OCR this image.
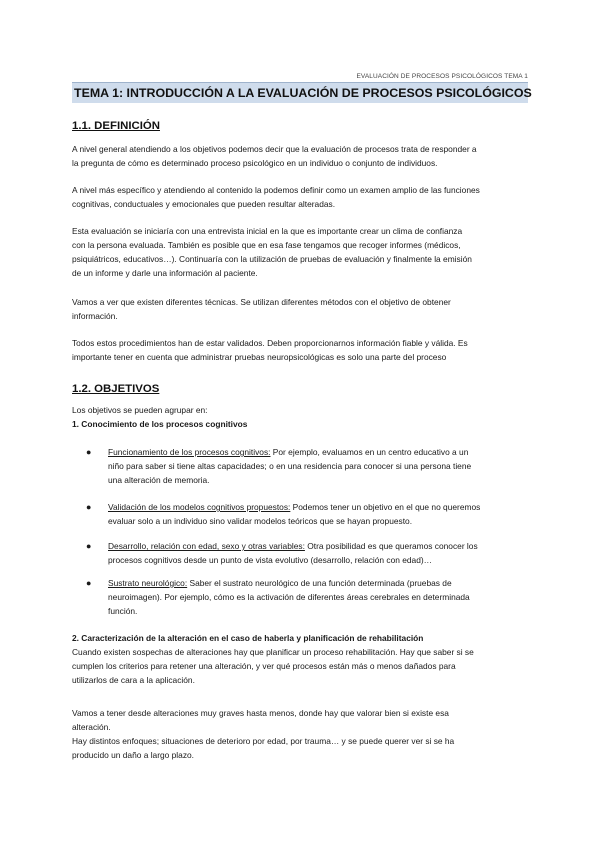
EVALUACIÓN DE PROCESOS PSICOLÓGICOS TEMA 1
TEMA 1: INTRODUCCIÓN A LA EVALUACIÓN DE PROCESOS PSICOLÓGICOS
1.1. DEFINICIÓN
A nivel general atendiendo a los objetivos podemos decir que la evaluación de procesos trata de responder a
la pregunta de cómo es determinado proceso psicológico en un individuo o conjunto de individuos.
A nivel más específico y atendiendo al contenido la podemos definir como un examen amplio de las funciones
cognitivas, conductuales y emocionales que pueden resultar alteradas.
Esta evaluación se iniciaría con una entrevista inicial en la que es importante crear un clima de confianza
con la persona evaluada. También es posible que en esa fase tengamos que recoger informes (médicos,
psiquiátricos, educativos…). Continuaría con la utilización de pruebas de evaluación y finalmente la emisión
de un informe y darle una información al paciente.
Vamos a ver que existen diferentes técnicas. Se utilizan diferentes métodos con el objetivo de obtener
información.
Todos estos procedimientos han de estar validados. Deben proporcionarnos información fiable y válida. Es
importante tener en cuenta que administrar pruebas neuropsicológicas es solo una parte del proceso
1.2. OBJETIVOS
Los objetivos se pueden agrupar en:
1. Conocimiento de los procesos cognitivos
● Funcionamiento de los procesos cognitivos: Por ejemplo, evaluamos en un centro educativo a un
niño para saber si tiene altas capacidades; o en una residencia para conocer si una persona tiene
una alteración de memoria.
● Validación de los modelos cognitivos propuestos: Podemos tener un objetivo en el que no queremos
evaluar solo a un individuo sino validar modelos teóricos que se hayan propuesto.
● Desarrollo, relación con edad, sexo y otras variables: Otra posibilidad es que queramos conocer los
procesos cognitivos desde un punto de vista evolutivo (desarrollo, relación con edad)…
● Sustrato neurológico: Saber el sustrato neurológico de una función determinada (pruebas de
neuroimagen). Por ejemplo, cómo es la activación de diferentes áreas cerebrales en determinada
función.
2. Caracterización de la alteración en el caso de haberla y planificación de rehabilitación
Cuando existen sospechas de alteraciones hay que planificar un proceso rehabilitación. Hay que saber si se
cumplen los criterios para retener una alteración, y ver qué procesos están más o menos dañados para
utilizarlos de cara a la aplicación.
Vamos a tener desde alteraciones muy graves hasta menos, donde hay que valorar bien si existe esa
alteración.
Hay distintos enfoques; situaciones de deterioro por edad, por trauma… y se puede querer ver si se ha
producido un daño a largo plazo.
